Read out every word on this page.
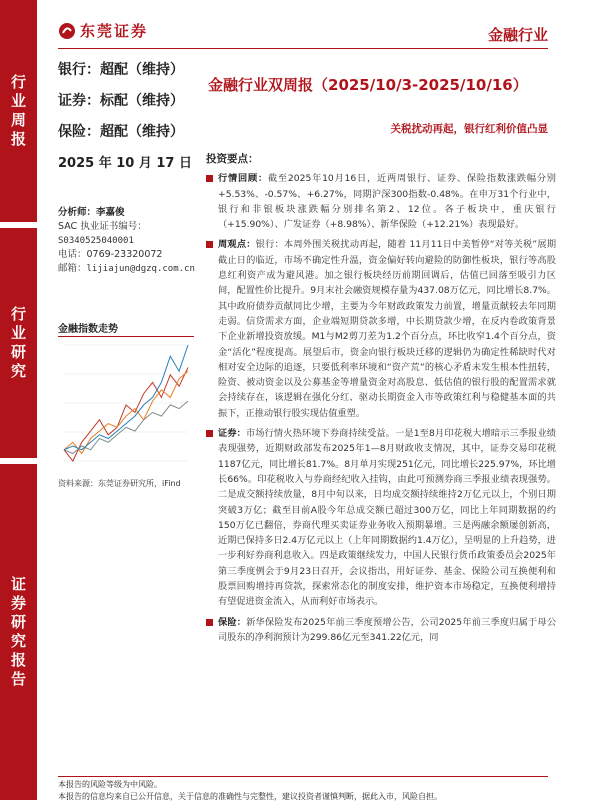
行
业
周
报
行
业
研
究
证
券
研
究
报
告
东莞证券	金融行业
银行：超配（维持）
证券：标配（维持）
保险：超配（维持）
金融行业双周报（2025/10/3-2025/10/16）
关税扰动再起，银行红利价值凸显
2025 年 10 月 17 日
分析师：李嘉俊
SAC 执业证书编号：
S0340525040001
电话：0769-23320072
邮箱：lijiajun@dgzq.com.cn
金融指数走势
资料来源：东莞证券研究所，iFind
投资要点：
行情回顾：截至2025年10月16日，近两周银行、证券、保险指数涨跌幅分别+5.53%、-0.57%、+6.27%，同期沪深300指数-0.48%。在申万31个行业中，银行和非银板块涨跌幅分别排名第2、12位。各子板块中，重庆银行（+15.90%）、广发证券（+8.98%）、新华保险（+12.21%）表现最好。
周观点：银行：本周外围关税扰动再起，随着 11月11日中美暂停“对等关税”展期截止日的临近，市场不确定性升温，资金偏好转向避险的防御性板块，银行等高股息红利资产成为避风港。加之银行板块经历前期回调后，估值已回落至吸引力区间，配置性价比提升。9月末社会融资规模存量为437.08万亿元，同比增长8.7%。其中政府债券贡献同比少增，主要为今年财政政策发力前置，增量贡献较去年同期走弱。信贷需求方面，企业端短期贷款多增，中长期贷款少增，在反内卷政策背景下企业新增投资放缓。M1与M2剪刀差为1.2个百分点，环比收窄1.4个百分点，资金“活化”程度提高。展望后市，资金向银行板块迁移的逻辑仍为确定性稀缺时代对相对安全边际的追逐，只要低利率环境和“资产荒”的核心矛盾未发生根本性扭转，险资、被动资金以及公募基金等增量资金对高股息、低估值的银行股的配置需求就会持续存在，该逻辑在强化分红、驱动长期资金入市等政策红利与稳健基本面的共振下，正推动银行股实现估值重塑。
证券：市场行情火热环境下券商持续受益。一是1至8月印花税大增暗示三季报业绩表现强势，近期财政部发布2025年1—8月财政收支情况，其中，证券交易印花税1187亿元，同比增长81.7%。8月单月实现251亿元，同比增长225.97%，环比增长66%。印花税收入与券商经纪收入挂钩，由此可预测券商三季报业绩表现强势。二是成交额持续放量，8月中旬以来，日均成交额持续维持2万亿元以上，个别日期突破3万亿；截至目前A股今年总成交额已超过300万亿，同比上年同期数据的约150万亿已翻倍，券商代理买卖证券业务收入预期暴增。三是两融余额屡创新高，近期已保持多日2.4万亿元以上（上年同期数据约1.4万亿），呈明显的上升趋势，进一步利好券商利息收入。四是政策继续发力，中国人民银行货币政策委员会2025年第三季度例会于9月23日召开，会议指出，用好证券、基金、保险公司互换便利和股票回购增持再贷款，探索常态化的制度安排，维护资本市场稳定，互换便利增持有望促进资金流入，从而利好市场表示。
保险：新华保险发布2025年前三季度预增公告，公司2025年前三季度归属于母公司股东的净利润预计为299.86亿元至341.22亿元，同
本报告的风险等级为中风险。
本报告的信息均来自已公开信息，关于信息的准确性与完整性，建议投资者谨慎判断，据此入市，风险自担。
